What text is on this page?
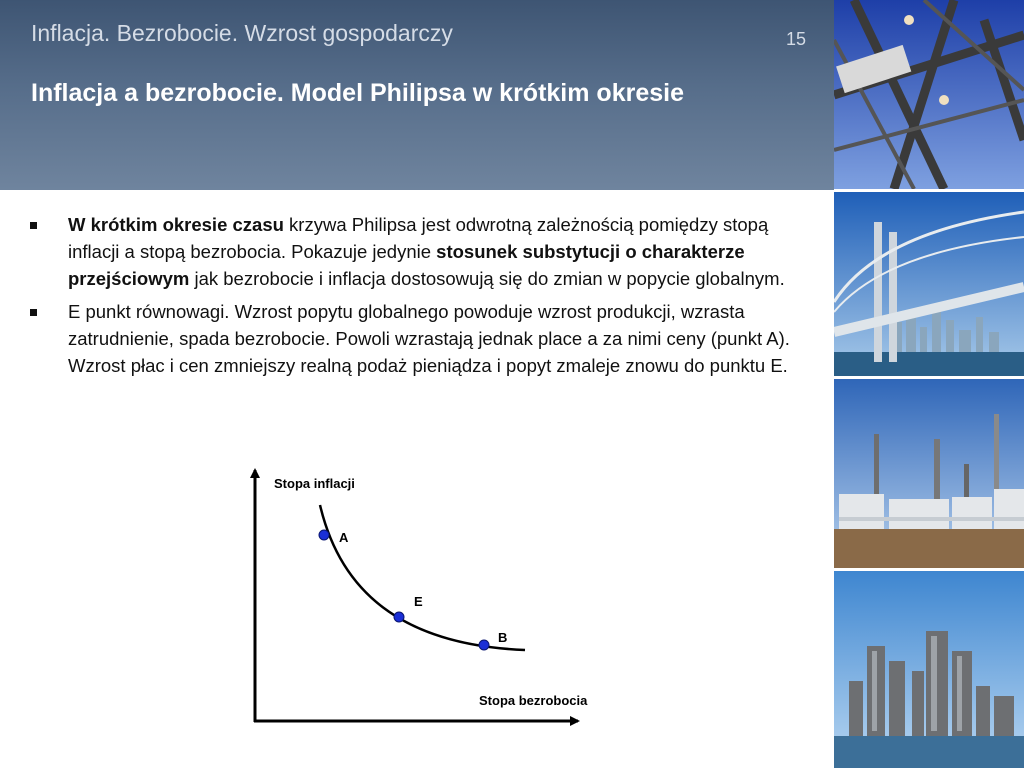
Inflacja. Bezrobocie. Wzrost gospodarczy	15
Inflacja a bezrobocie. Model Philipsa w krótkim okresie
W krótkim okresie czasu krzywa Philipsa jest odwrotną zależnością pomiędzy stopą inflacji a stopą bezrobocia. Pokazuje jedynie stosunek substytucji o charakterze przejściowym jak bezrobocie i inflacja dostosowują się do zmian w popycie globalnym.
E punkt równowagi. Wzrost popytu globalnego powoduje wzrost produkcji, wzrasta zatrudnienie, spada bezrobocie. Powoli wzrastają jednak place a za nimi ceny (punkt A). Wzrost płac i cen zmniejszy realną podaż pieniądza i popyt zmaleje znowu do punktu E.
Stopa inflacji
Stopa bezrobocia
A
E
B
